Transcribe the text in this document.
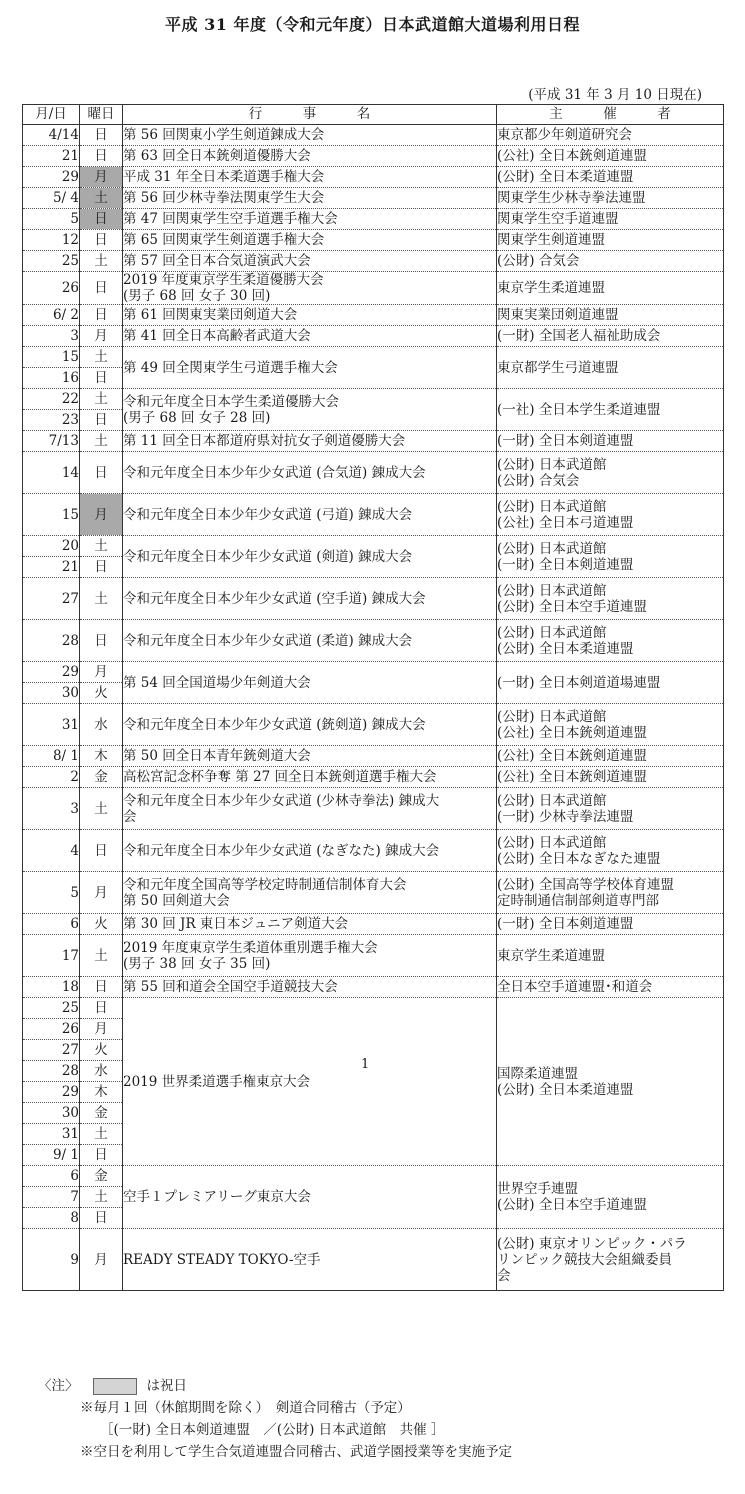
平成 31 年度（令和元年度）日本武道館大道場利用日程
(平成 31 年 3 月 10 日現在)
月/日	曜日	行　　　事　　　名	主　　　催　　　者
4/14	日	第 56 回関東小学生剣道錬成大会	東京都少年剣道研究会
21	日	第 63 回全日本銃剣道優勝大会	(公社) 全日本銃剣道連盟
29	月	平成 31 年全日本柔道選手権大会	(公財) 全日本柔道連盟
5/ 4	土	第 56 回少林寺拳法関東学生大会	関東学生少林寺拳法連盟
5	日	第 47 回関東学生空手道選手権大会	関東学生空手道連盟
12	日	第 65 回関東学生剣道選手権大会	関東学生剣道連盟
25	土	第 57 回全日本合気道演武大会	(公財) 合気会
26	日	2019 年度東京学生柔道優勝大会
(男子 68 回 女子 30 回)	東京学生柔道連盟
6/ 2	日	第 61 回関東実業団剣道大会	関東実業団剣道連盟
3	月	第 41 回全日本高齢者武道大会	(一財) 全国老人福祉助成会
15	土	第 49 回全関東学生弓道選手権大会	東京都学生弓道連盟
16	日		
22	土	令和元年度全日本学生柔道優勝大会
(男子 68 回 女子 28 回)	(一社) 全日本学生柔道連盟
23	日		
7/13	土	第 11 回全日本都道府県対抗女子剣道優勝大会	(一財) 全日本剣道連盟
14	日	令和元年度全日本少年少女武道 (合気道) 錬成大会	(公財) 日本武道館
(公財) 合気会
15	月	令和元年度全日本少年少女武道 (弓道) 錬成大会	(公財) 日本武道館
(公社) 全日本弓道連盟
20	土	令和元年度全日本少年少女武道 (剣道) 錬成大会	(公財) 日本武道館
(一財) 全日本剣道連盟
21	日		
27	土	令和元年度全日本少年少女武道 (空手道) 錬成大会	(公財) 日本武道館
(公財) 全日本空手道連盟
28	日	令和元年度全日本少年少女武道 (柔道) 錬成大会	(公財) 日本武道館
(公財) 全日本柔道連盟
29	月	第 54 回全国道場少年剣道大会	(一財) 全日本剣道道場連盟
30	火		
31	水	令和元年度全日本少年少女武道 (銃剣道) 錬成大会	(公財) 日本武道館
(公社) 全日本銃剣道連盟
8/ 1	木	第 50 回全日本青年銃剣道大会	(公社) 全日本銃剣道連盟
2	金	高松宮記念杯争奪 第 27 回全日本銃剣道選手権大会	(公社) 全日本銃剣道連盟
3	土	令和元年度全日本少年少女武道 (少林寺拳法) 錬成大
会	(公財) 日本武道館
(一財) 少林寺拳法連盟
4	日	令和元年度全日本少年少女武道 (なぎなた) 錬成大会	(公財) 日本武道館
(公財) 全日本なぎなた連盟
5	月	令和元年度全国高等学校定時制通信制体育大会
第 50 回剣道大会	(公財) 全国高等学校体育連盟
定時制通信制部剣道専門部
6	火	第 30 回 JR 東日本ジュニア剣道大会	(一財) 全日本剣道連盟
17	土	2019 年度東京学生柔道体重別選手権大会
(男子 38 回 女子 35 回)	東京学生柔道連盟
18	日	第 55 回和道会全国空手道競技大会	全日本空手道連盟･和道会
25	日	2019 世界柔道選手権東京大会	国際柔道連盟
(公財) 全日本柔道連盟
26	月		
27	火		
28	水		
29	木		
30	金		
31	土		
9/ 1	日		
6	金	空手１プレミアリーグ東京大会	世界空手連盟
(公財) 全日本空手道連盟
7	土		
8	日		
9	月	READY STEADY TOKYO-空手	(公財) 東京オリンピック・パラ
リンピック競技大会組織委員
会
1
〈注〉	は祝日
※毎月１回（休館期間を除く）　剣道合同稽古（予定）
［(一財) 全日本剣道連盟　／(公財) 日本武道館　共催 ］
※空日を利用して学生合気道連盟合同稽古、武道学園授業等を実施予定
